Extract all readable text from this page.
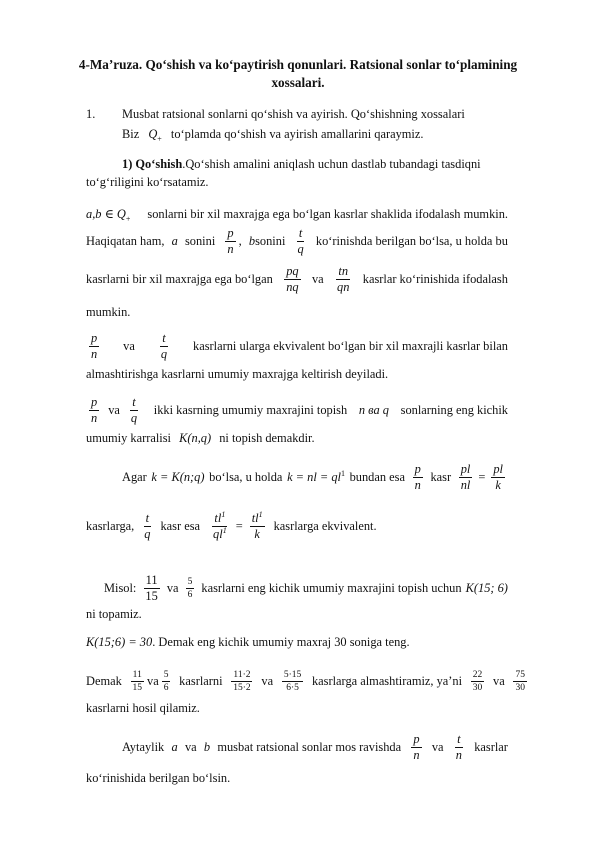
4-Ma’ruza. Qo‘shish va ko‘paytirish qonunlari. Ratsional sonlar to‘plamining xossalari.
1. Musbat ratsional sonlarni qo‘shish va ayirish. Qo‘shishning xossalari
Biz $Q_+$ to‘plamda qo‘shish va ayirish amallarini qaraymiz.
1) Qo‘shish.Qo‘shish amalini aniqlash uchun dastlab tubandagi tasdiqni
to‘g‘riligini ko‘rsatamiz.
a,b ∈ $Q_+$ sonlarni bir xil maxrajga ega bo‘lgan kasrlar shaklida ifodalash mumkin.
Haqiqatan ham, a sonini $\frac{p}{n}$ , bsonini $\frac{t}{q}$ ko‘rinishda berilgan bo‘lsa, u holda bu
kasrlarni bir xil maxrajga ega bo‘lgan $\frac{pq}{nq}$ va $\frac{tn}{qn}$ kasrlar ko‘rinishida ifodalash
mumkin.
$\frac{p}{n}$ va $\frac{t}{q}$ kasrlarni ularga ekvivalent bo‘lgan bir xil maxrajli kasrlar bilan
almashtirishga kasrlarni umumiy maxrajga keltirish deyiladi.
$\frac{p}{n}$ va $\frac{t}{q}$ ikki kasrning umumiy maxrajini topish n ва q sonlarning eng kichik
umumiy karralisi K(n,q) ni topish demakdir.
Agar k = K(n;q) bo‘lsa, u holda k = nl = $ql^1$ bundan esa $\frac{p}{n}$ kasr $\frac{pl}{nl} = \frac{pl}{k}$
kasrlarga, $\frac{t}{q}$ kasr esa $\frac{tl^1}{ql^1} = \frac{tl^1}{k}$ kasrlarga ekvivalent.
Misol: $\frac{11}{15}$ va $\frac{5}{6}$ kasrlarni eng kichik umumiy maxrajini topish uchun K(15; 6)
ni topamiz.
K(15;6) = 30. Demak eng kichik umumiy maxraj 30 soniga teng.
Demak $\frac{11}{15}$ va $\frac{5}{6}$ kasrlarni $\frac{11\cdot 2}{15\cdot 2}$ va $\frac{5\cdot 15}{6\cdot 5}$ kasrlarga almashtiramiz, ya’ni $\frac{22}{30}$ va $\frac{75}{30}$
kasrlarni hosil qilamiz.
Aytaylik a va b musbat ratsional sonlar mos ravishda $\frac{p}{n}$ va $\frac{t}{n}$ kasrlar
ko‘rinishida berilgan bo‘lsin.
